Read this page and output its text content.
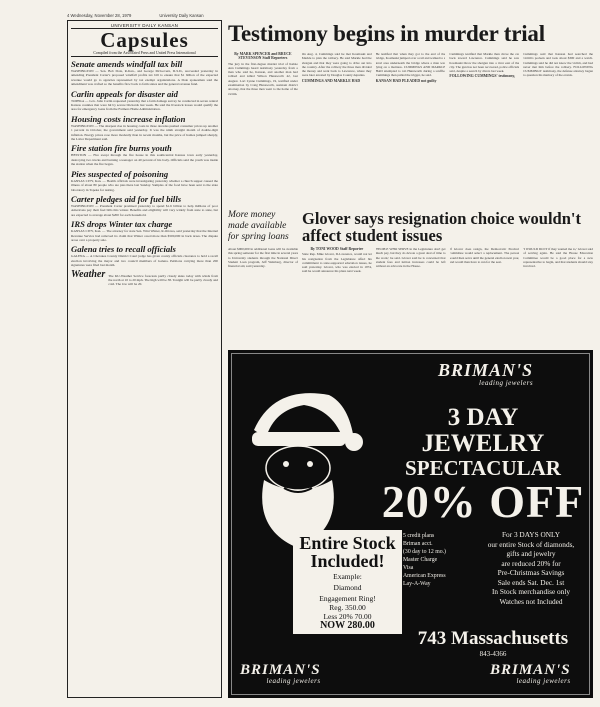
4 Wednesday, November 28, 1979	University Daily Kansan
UNIVERSITY DAILY KANSAN
Capsules
Compiled from the Associated Press and United Press International
Senate amends windfall tax bill
WASHINGTON — Sen. Bob Dole, R-Kan., and George McGovern, D-S.D., succeeded yesterday in amending President Carter's proposed windfall profits tax bill to ensure that $1 billion of the expected revenue would go to agencies represented by tax exempt organizations. A Dole spokesman said the amendment was crafted so the benefits flow back to farm states and the general revenue fund.
Carlin appeals for disaster aid
TOPEKA — Gov. John Carlin requested yesterday that a farm damage survey be conducted in seven central Kansas counties that were hit by severe blizzards last week. He said the livestock losses would qualify the area for emergency loans from the Farmers Home Administration.
Housing costs increase inflation
WASHINGTON — The sharpest rise in housing costs in three decades pushed consumer prices up another 1 percent in October, the government said yesterday. It was the ninth straight month of double-digit inflation. Energy prices rose more modestly than in recent months, but the price of homes jumped sharply, the Labor Department said.
Fire station fire burns youth
HESSTON — Fire swept through the fire house in this southcentral Kansas town early yesterday, destroying two trucks and burning a teenager on 40 percent of his body. Officials said the youth was inside the station when the fire began.
Pies suspected of poisoning
KANSAS CITY, Kan. — Health officials were investigating yesterday whether a church supper caused the illness of about 80 people who ate pies there last Sunday. Samples of the food have been sent to the state laboratory in Topeka for testing.
Carter pledges aid for fuel bills
WASHINGTON — President Carter promised yesterday to spend $1.6 billion to help millions of poor Americans pay their fuel bills this winter. Benefits and eligibility will vary widely from state to state, but are expected to average about $200 for each household.
IRS drops Winter tax charge
KANSAS CITY, Kan. — The attorney for state Sen. Wint Winter, R-Ottawa, said yesterday that the Internal Revenue Service had removed its claim that Winter owed more than $500,000 in back taxes. The dispute arose over a property sale.
Galena tries to recall officials
GALENA — A Cherokee County District Court judge has given county officials clearance to hold a recall election involving the mayor and two council members of Galena. Petitions carrying more than 200 signatures were filed last month.
Weather The KU-Weather Service forecasts partly cloudy skies today with winds from the north at 10 to 20 mph. The high will be 38. Tonight will be partly cloudy and cold. The low will be 20.
Testimony begins in murder trial
By MARK SPENCER and BRUCE STEVENSON Staff Reporters

The jury in the first-degree murder trial of Kelsie Ann Cummings heard testimony yesterday from a man who said he, Kansan, and another man had robbed and killed Wilson Hunsworth 42, last August. Lori Lynne Cummings, 19, testified under examination by Craig Hunsworth, assistant district attorney, that the three men went to the home of the victim.

On Aug. 4, Cummings said he met Kosmaski and Markle to plan the robbery. He said Markle had the shotgun and that they were going to drive out into the country. After the robbery the three men divided the money and went back to Lawrence, where they were later arrested by Douglas County deputies.

CUMMINGS AND MARKLE HAD

He testified that when they got to the end of the bridge, Kosmaski jumped over a rail and walked to a level area underneath the bridge where a man was lying on a mattress. CUMMINGS AND MARKLE HAD attempted to rob Hunsworth during a scuffle. Cummings then pulled the trigger, he said.

KANSAN HAD PLEADED not guilty

Cummings testified that Markle then drove the car back toward Lawrence. Cummings said he saw Kosmaski throw the shotgun into a river east of the city. The gun has not been recovered, police officials said, despite a search by divers last week.

FOLLOWING CUMMINGS' testimony,

Cummings said that Kansan had searched the victim's pockets and took about $300 and a watch. Cummings said he did not know the victim, and had never met him before the robbery. FOLLOWING CUMMINGS' testimony, the defense attorney began to question his memory of the events.

More money made available for spring loans
About $900,000 in additional loans will be available this spring semester for the first time in several years to University students through the National Direct Student Loan program, Jeff Weinberg, director of financial aid, said yesterday.
Glover says resignation choice wouldn't affect student issues
By TONI WOOD Staff Reporter

State Rep. Mike Glover, D-Lawrence, would not let his resignation from the Legislature affect his commitment to state-supported education issues, he said yesterday. Glover, who was elected in 1974, said he would announce his plans next week.

'PEOPLE WHO SERVE in the Legislature don't get much pay, but they do devote a great deal of time to the work,' he said. Glover said he is concerned that student fees and tuition increases could be left without an advocate in the House.

If Glover does resign, the Democratic Precinct committee would select a replacement. The person would then serve until the general election next year, and would then have to run for the seat.

'I WOULD DO IT if they wanted me to,' Glover said of serving again. He said the House Education Committee would be a good place for a new representative to begin, and that students should stay involved.

BRIMAN'S
leading jewelers
3 DAY
JEWELRY
SPECTACULAR
20% OFF
Entire Stock Included!
Example:
Diamond
Engagement Ring!
Reg. 350.00
Less 20% 70.00
NOW 280.00
5 credit plans
Briman acct.
(30 day to 12 mo.)
Master Charge
Visa
American Express
Lay-A-Way
For 3 DAYS ONLY
our entire Stock of diamonds,
gifts and jewelry
are reduced 20% for
Pre-Christmas Savings
Sale ends Sat. Dec. 1st
In Stock merchandise only
Watches not Included
743 Massachusetts
843-4366
BRIMAN'S
leading jewelers
BRIMAN'S
leading jewelers
